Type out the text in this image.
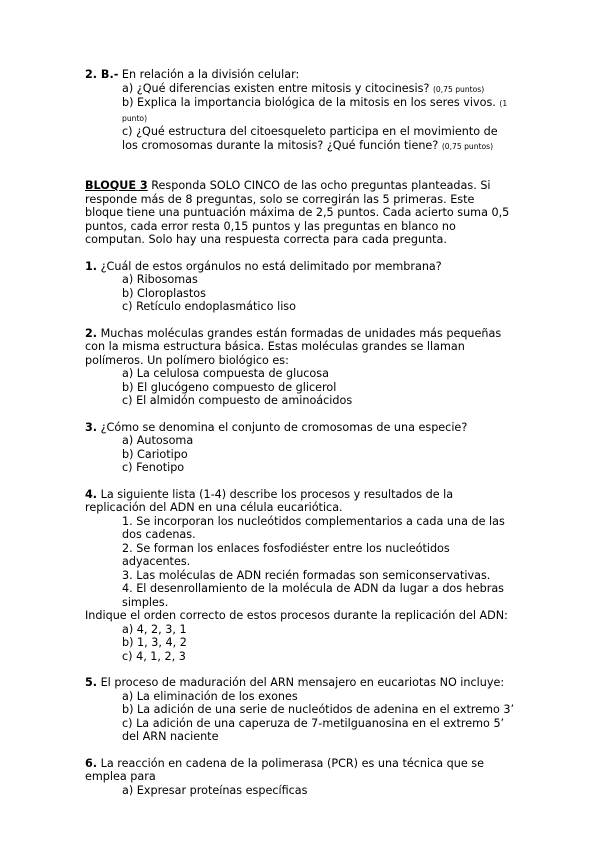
2. B.- En relación a la división celular:

a) ¿Qué diferencias existen entre mitosis y citocinesis? (0,75 puntos)

b) Explica la importancia biológica de la mitosis en los seres vivos. (1 punto)

c) ¿Qué estructura del citoesqueleto participa en el movimiento de los cromosomas durante la mitosis? ¿Qué función tiene? (0,75 puntos)

BLOQUE 3 Responda SOLO CINCO de las ocho preguntas planteadas. Si responde más de 8 preguntas, solo se corregirán las 5 primeras. Este bloque tiene una puntuación máxima de 2,5 puntos. Cada acierto suma 0,5 puntos, cada error resta 0,15 puntos y las preguntas en blanco no computan. Solo hay una respuesta correcta para cada pregunta.

1. ¿Cuál de estos orgánulos no está delimitado por membrana?

a) Ribosomas

b) Cloroplastos

c) Retículo endoplasmático liso

2. Muchas moléculas grandes están formadas de unidades más pequeñas con la misma estructura básica. Estas moléculas grandes se llaman polímeros. Un polímero biológico es:

a) La celulosa compuesta de glucosa

b) El glucógeno compuesto de glicerol

c) El almidón compuesto de aminoácidos

3. ¿Cómo se denomina el conjunto de cromosomas de una especie?

a) Autosoma

b) Cariotipo

c) Fenotipo

4. La siguiente lista (1-4) describe los procesos y resultados de la replicación del ADN en una célula eucariótica.

1. Se incorporan los nucleótidos complementarios a cada una de las dos cadenas.

2. Se forman los enlaces fosfodiéster entre los nucleótidos adyacentes.

3. Las moléculas de ADN recién formadas son semiconservativas.

4. El desenrollamiento de la molécula de ADN da lugar a dos hebras simples.

Indique el orden correcto de estos procesos durante la replicación del ADN:

a) 4, 2, 3, 1

b) 1, 3, 4, 2

c) 4, 1, 2, 3

5. El proceso de maduración del ARN mensajero en eucariotas NO incluye:

a) La eliminación de los exones

b) La adición de una serie de nucleótidos de adenina en el extremo 3’

c) La adición de una caperuza de 7-metilguanosina en el extremo 5’ del ARN naciente

6. La reacción en cadena de la polimerasa (PCR) es una técnica que se emplea para

a) Expresar proteínas específicas
